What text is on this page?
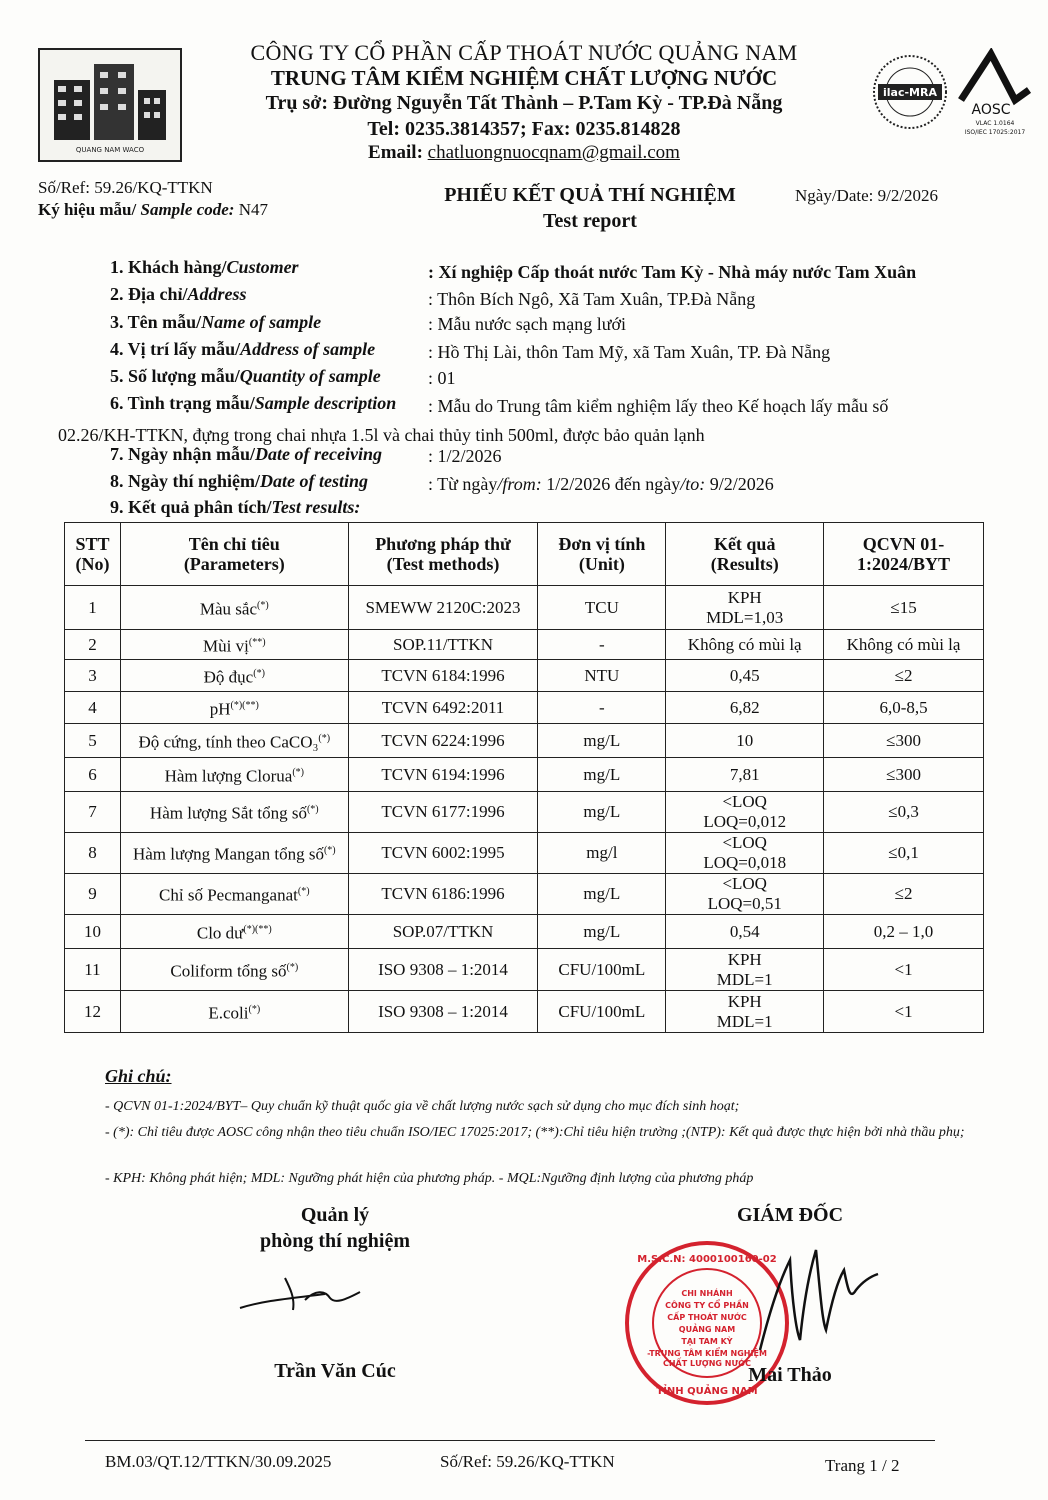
QUANG NAM WACO
CÔNG TY CỔ PHẦN CẤP THOÁT NƯỚC QUẢNG NAM
TRUNG TÂM KIỂM NGHIỆM CHẤT LƯỢNG NƯỚC
Trụ sở: Đường Nguyễn Tất Thành – P.Tam Kỳ - TP.Đà Nẵng
Tel: 0235.3814357; Fax: 0235.814828
Email: chatluongnuocqnam@gmail.com
ilac-MRA
AOSC
VLAC 1.0164
ISO/IEC 17025:2017
Số/Ref: 59.26/KQ-TTKN
Ký hiệu mẫu/ Sample code: N47
PHIẾU KẾT QUẢ THÍ NGHIỆM
Test report
Ngày/Date: 9/2/2026
1. Khách hàng/Customer	: Xí nghiệp Cấp thoát nước Tam Kỳ - Nhà máy nước Tam Xuân
2. Địa chỉ/Address	: Thôn Bích Ngô, Xã Tam Xuân, TP.Đà Nẵng
3. Tên mẫu/Name of sample	: Mẫu nước sạch mạng lưới
4. Vị trí lấy mẫu/Address of sample	: Hồ Thị Lài, thôn Tam Mỹ, xã Tam Xuân, TP. Đà Nẵng
5. Số lượng mẫu/Quantity of sample	: 01
6. Tình trạng mẫu/Sample description : Mẫu do Trung tâm kiểm nghiệm lấy theo Kế hoạch lấy mẫu số
02.26/KH-TTKN, đựng trong chai nhựa 1.5l và chai thủy tinh 500ml, được bảo quản lạnh
7. Ngày nhận mẫu/Date of receiving	: 1/2/2026
8. Ngày thí nghiệm/Date of testing	: Từ ngày/from: 1/2/2026 đến ngày/to: 9/2/2026
9. Kết quả phân tích/Test results:
STT
(No)	Tên chỉ tiêu
(Parameters)	Phương pháp thử
(Test methods)	Đơn vị tính
(Unit)	Kết quả
(Results)	QCVN 01-
1:2024/BYT
1	Màu sắc(*)	SMEWW 2120C:2023	TCU	KPH
MDL=1,03	≤15
2	Mùi vị(**)	SOP.11/TTKN	-	Không có mùi lạ	Không có mùi lạ
3	Độ đục(*)	TCVN 6184:1996	NTU	0,45	≤2
4	pH(*)(**)	TCVN 6492:2011	-	6,82	6,0-8,5
5	Độ cứng, tính theo CaCO₃(*)	TCVN 6224:1996	mg/L	10	≤300
6	Hàm lượng Clorua(*)	TCVN 6194:1996	mg/L	7,81	≤300
7	Hàm lượng Sắt tổng số(*)	TCVN 6177:1996	mg/L	<LOQ
LOQ=0,012	≤0,3
8	Hàm lượng Mangan tổng số(*)	TCVN 6002:1995	mg/l	<LOQ
LOQ=0,018	≤0,1
9	Chỉ số Pecmanganat(*)	TCVN 6186:1996	mg/L	<LOQ
LOQ=0,51	≤2
10	Clo dư(*)(**)	SOP.07/TTKN	mg/L	0,54	0,2 – 1,0
11	Coliform tổng số(*)	ISO 9308 – 1:2014	CFU/100mL	KPH
MDL=1	<1
12	E.coli(*)	ISO 9308 – 1:2014	CFU/100mL	KPH
MDL=1	<1
Ghi chú:
- QCVN 01-1:2024/BYT– Quy chuẩn kỹ thuật quốc gia về chất lượng nước sạch sử dụng cho mục đích sinh hoạt;
- (*): Chỉ tiêu được AOSC công nhận theo tiêu chuẩn ISO/IEC 17025:2017; (**):Chỉ tiêu hiện trường ;(NTP): Kết quả được thực hiện bởi nhà thầu phụ;
- KPH: Không phát hiện; MDL: Ngưỡng phát hiện của phương pháp. - MQL:Ngưỡng định lượng của phương pháp
Quản lý
phòng thí nghiệm
Trần Văn Cúc
GIÁM ĐỐC
CHI NHÁNH
CÔNG TY CỔ PHẦN
CẤP THOÁT NƯỚC
QUẢNG NAM
TẠI TAM KỲ
-TRUNG TÂM KIỂM NGHIỆM
CHẤT LƯỢNG NƯỚC
M.S.C.N: 4000100160-02
TỈNH QUẢNG NAM
Mai Thảo
BM.03/QT.12/TTKN/30.09.2025	Số/Ref: 59.26/KQ-TTKN	Trang 1 / 2
